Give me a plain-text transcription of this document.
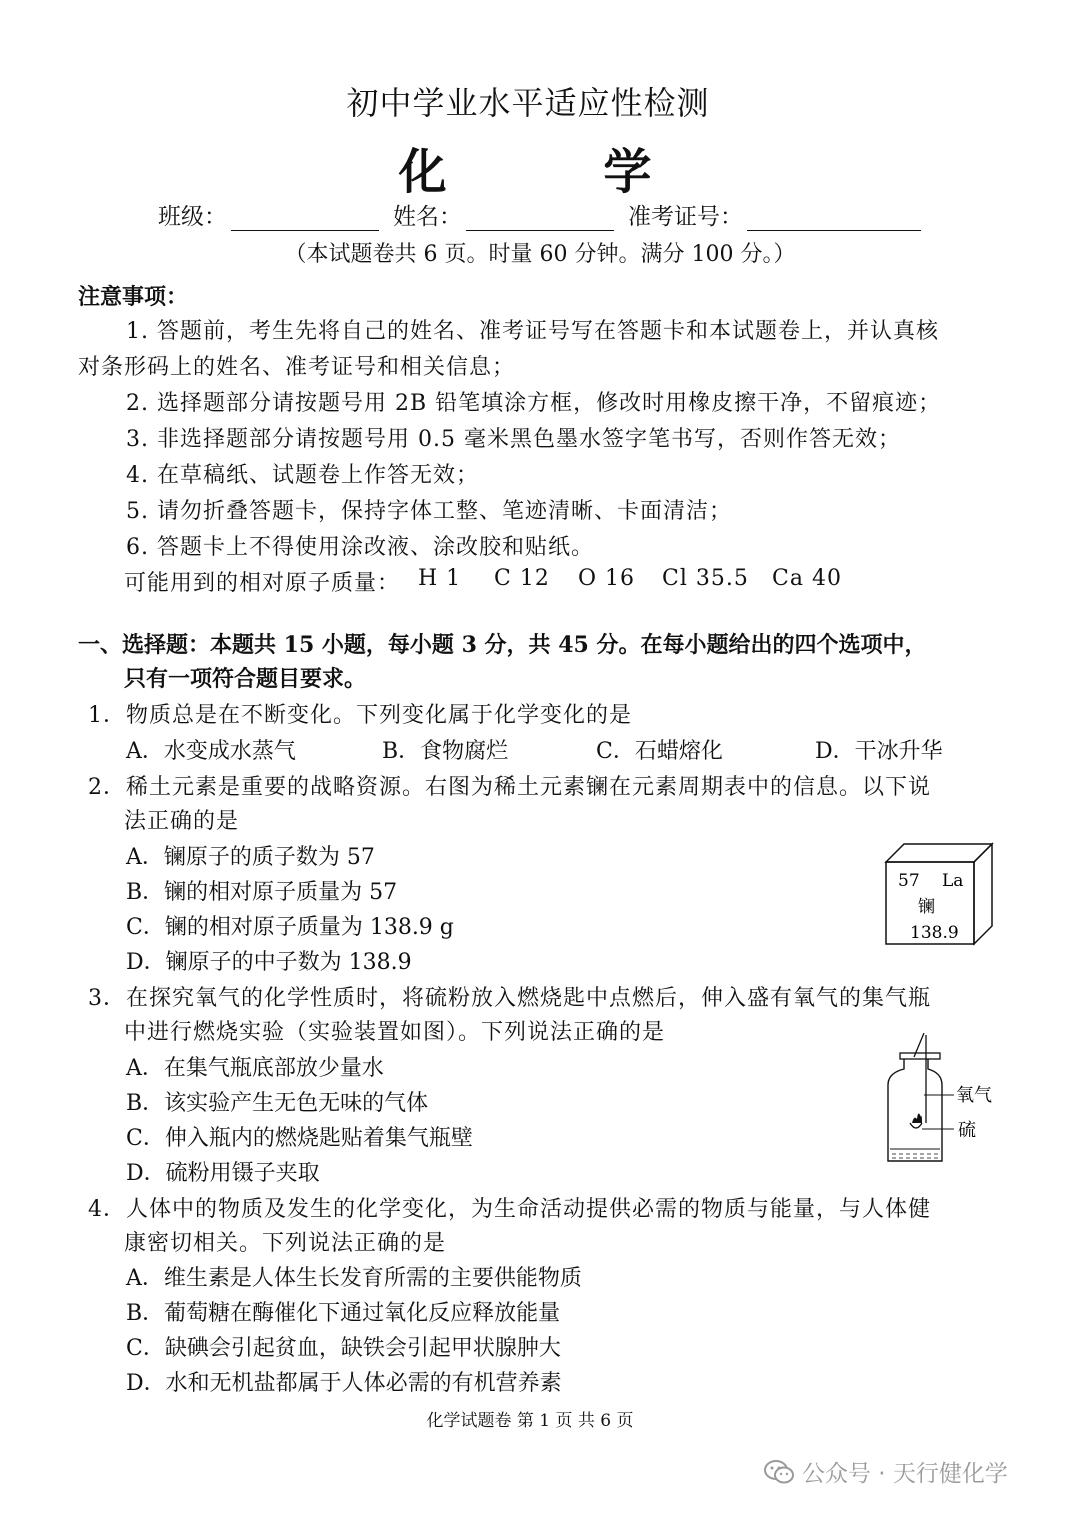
初中学业水平适应性检测
化 学
班级：	姓名：	准考证号：
（本试题卷共 6 页。时量 60 分钟。满分 100 分。）
注意事项：
1. 答题前，考生先将自己的姓名、准考证号写在答题卡和本试题卷上，并认真核
对条形码上的姓名、准考证号和相关信息；
2. 选择题部分请按题号用 2B 铅笔填涂方框，修改时用橡皮擦干净，不留痕迹；
3. 非选择题部分请按题号用 0.5 毫米黑色墨水签字笔书写，否则作答无效；
4. 在草稿纸、试题卷上作答无效；
5. 请勿折叠答题卡，保持字体工整、笔迹清晰、卡面清洁；
6. 答题卡上不得使用涂改液、涂改胶和贴纸。
可能用到的相对原子质量： H 1 C 12 O 16 Cl 35.5 Ca 40
一、选择题：本题共 15 小题，每小题 3 分，共 45 分。在每小题给出的四个选项中，
只有一项符合题目要求。
1．物质总是在不断变化。下列变化属于化学变化的是
A．水变成水蒸气	B．食物腐烂	C．石蜡熔化	D．干冰升华
2．稀土元素是重要的战略资源。右图为稀土元素镧在元素周期表中的信息。以下说
法正确的是
A．镧原子的质子数为 57
B．镧的相对原子质量为 57
C．镧的相对原子质量为 138.9 g
D．镧原子的中子数为 138.9
57 La
镧
138.9
3．在探究氧气的化学性质时，将硫粉放入燃烧匙中点燃后，伸入盛有氧气的集气瓶
中进行燃烧实验（实验装置如图）。下列说法正确的是
A．在集气瓶底部放少量水
B．该实验产生无色无味的气体
C．伸入瓶内的燃烧匙贴着集气瓶壁
D．硫粉用镊子夹取
氧气
硫
4．人体中的物质及发生的化学变化，为生命活动提供必需的物质与能量，与人体健
康密切相关。下列说法正确的是
A．维生素是人体生长发育所需的主要供能物质
B．葡萄糖在酶催化下通过氧化反应释放能量
C．缺碘会引起贫血，缺铁会引起甲状腺肿大
D．水和无机盐都属于人体必需的有机营养素
化学试题卷 第 1 页 共 6 页
公众号 · 天行健化学
